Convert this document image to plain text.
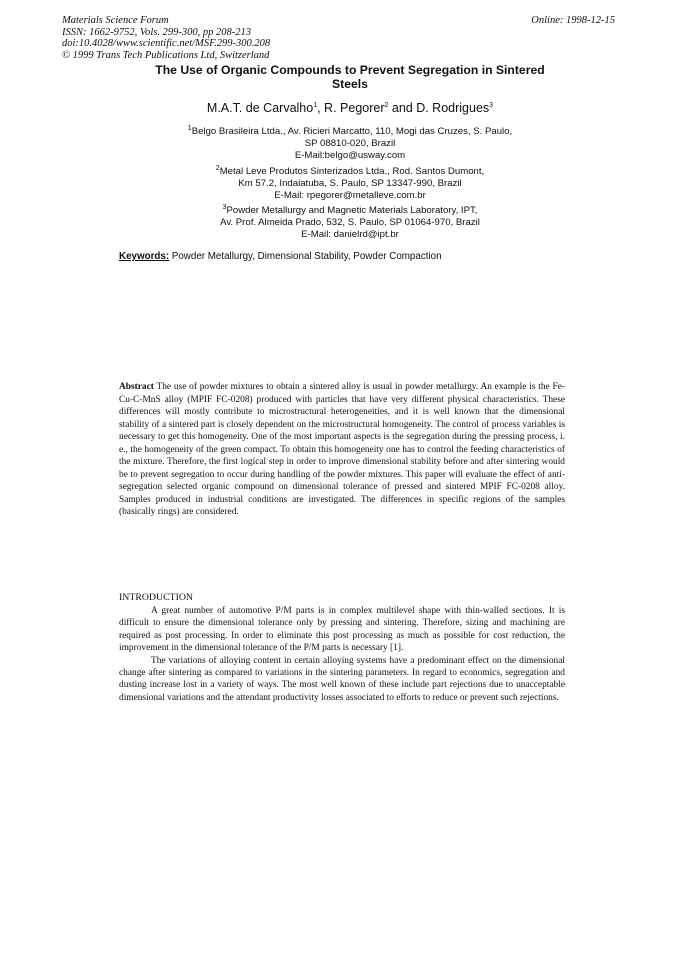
Materials Science Forum
ISSN: 1662-9752, Vols. 299-300, pp 208-213
doi:10.4028/www.scientific.net/MSF.299-300.208
© 1999 Trans Tech Publications Ltd, Switzerland
Online: 1998-12-15
The Use of Organic Compounds to Prevent Segregation in Sintered
Steels
M.A.T. de Carvalho$^1$, R. Pegorer$^2$ and D. Rodrigues$^3$
$^1$Belgo Brasileira Ltda., Av. Ricieri Marcatto, 110, Mogi das Cruzes, S. Paulo,
SP 08810-020, Brazil
E-Mail:belgo@usway.com
$^2$Metal Leve Produtos Sinterizados Ltda., Rod. Santos Dumont,
Km 57.2, Indaiatuba, S. Paulo, SP 13347-990, Brazil
E-Mail: rpegorer@metalleve.com.br
$^3$Powder Metallurgy and Magnetic Materials Laboratory, IPT,
Av. Prof. Almeida Prado, 532, S. Paulo, SP 01064-970, Brazil
E-Mail: danielrd@ipt.br
Keywords: Powder Metallurgy, Dimensional Stability, Powder Compaction
Abstract The use of powder mixtures to obtain a sintered alloy is usual in powder metallurgy. An example is the Fe-Cu-C-MnS alloy (MPIF FC-0208) produced with particles that have very different physical characteristics. These differences will mostly contribute to microstructural heterogeneities, and it is well known that the dimensional stability of a sintered part is closely dependent on the microstructural homogeneity. The control of process variables is necessary to get this homogeneity. One of the most important aspects is the segregation during the pressing process, i. e., the homogeneity of the green compact. To obtain this homogeneity one has to control the feeding characteristics of the mixture. Therefore, the first logical step in order to improve dimensional stability before and after sintering would be to prevent segregation to occur during handling of the powder mixtures. This paper will evaluate the effect of anti-segregation selected organic compound on dimensional tolerance of pressed and sintered MPIF FC-0208 alloy. Samples produced in industrial conditions are investigated. The differences in specific regions of the samples (basically rings) are considered.
INTRODUCTION

A great number of automotive P/M parts is in complex multilevel shape with thin-walled sections. It is difficult to ensure the dimensional tolerance only by pressing and sintering. Therefore, sizing and machining are required as post processing. In order to eliminate this post processing as much as possible for cost reduction, the improvement in the dimensional tolerance of the P/M parts is necessary [1].

The variations of alloying content in certain alloying systems have a predominant effect on the dimensional change after sintering as compared to variations in the sintering parameters. In regard to economics, segregation and dusting increase lost in a variety of ways. The most well known of these include part rejections due to unacceptable dimensional variations and the attendant productivity losses associated to efforts to reduce or prevent such rejections.
